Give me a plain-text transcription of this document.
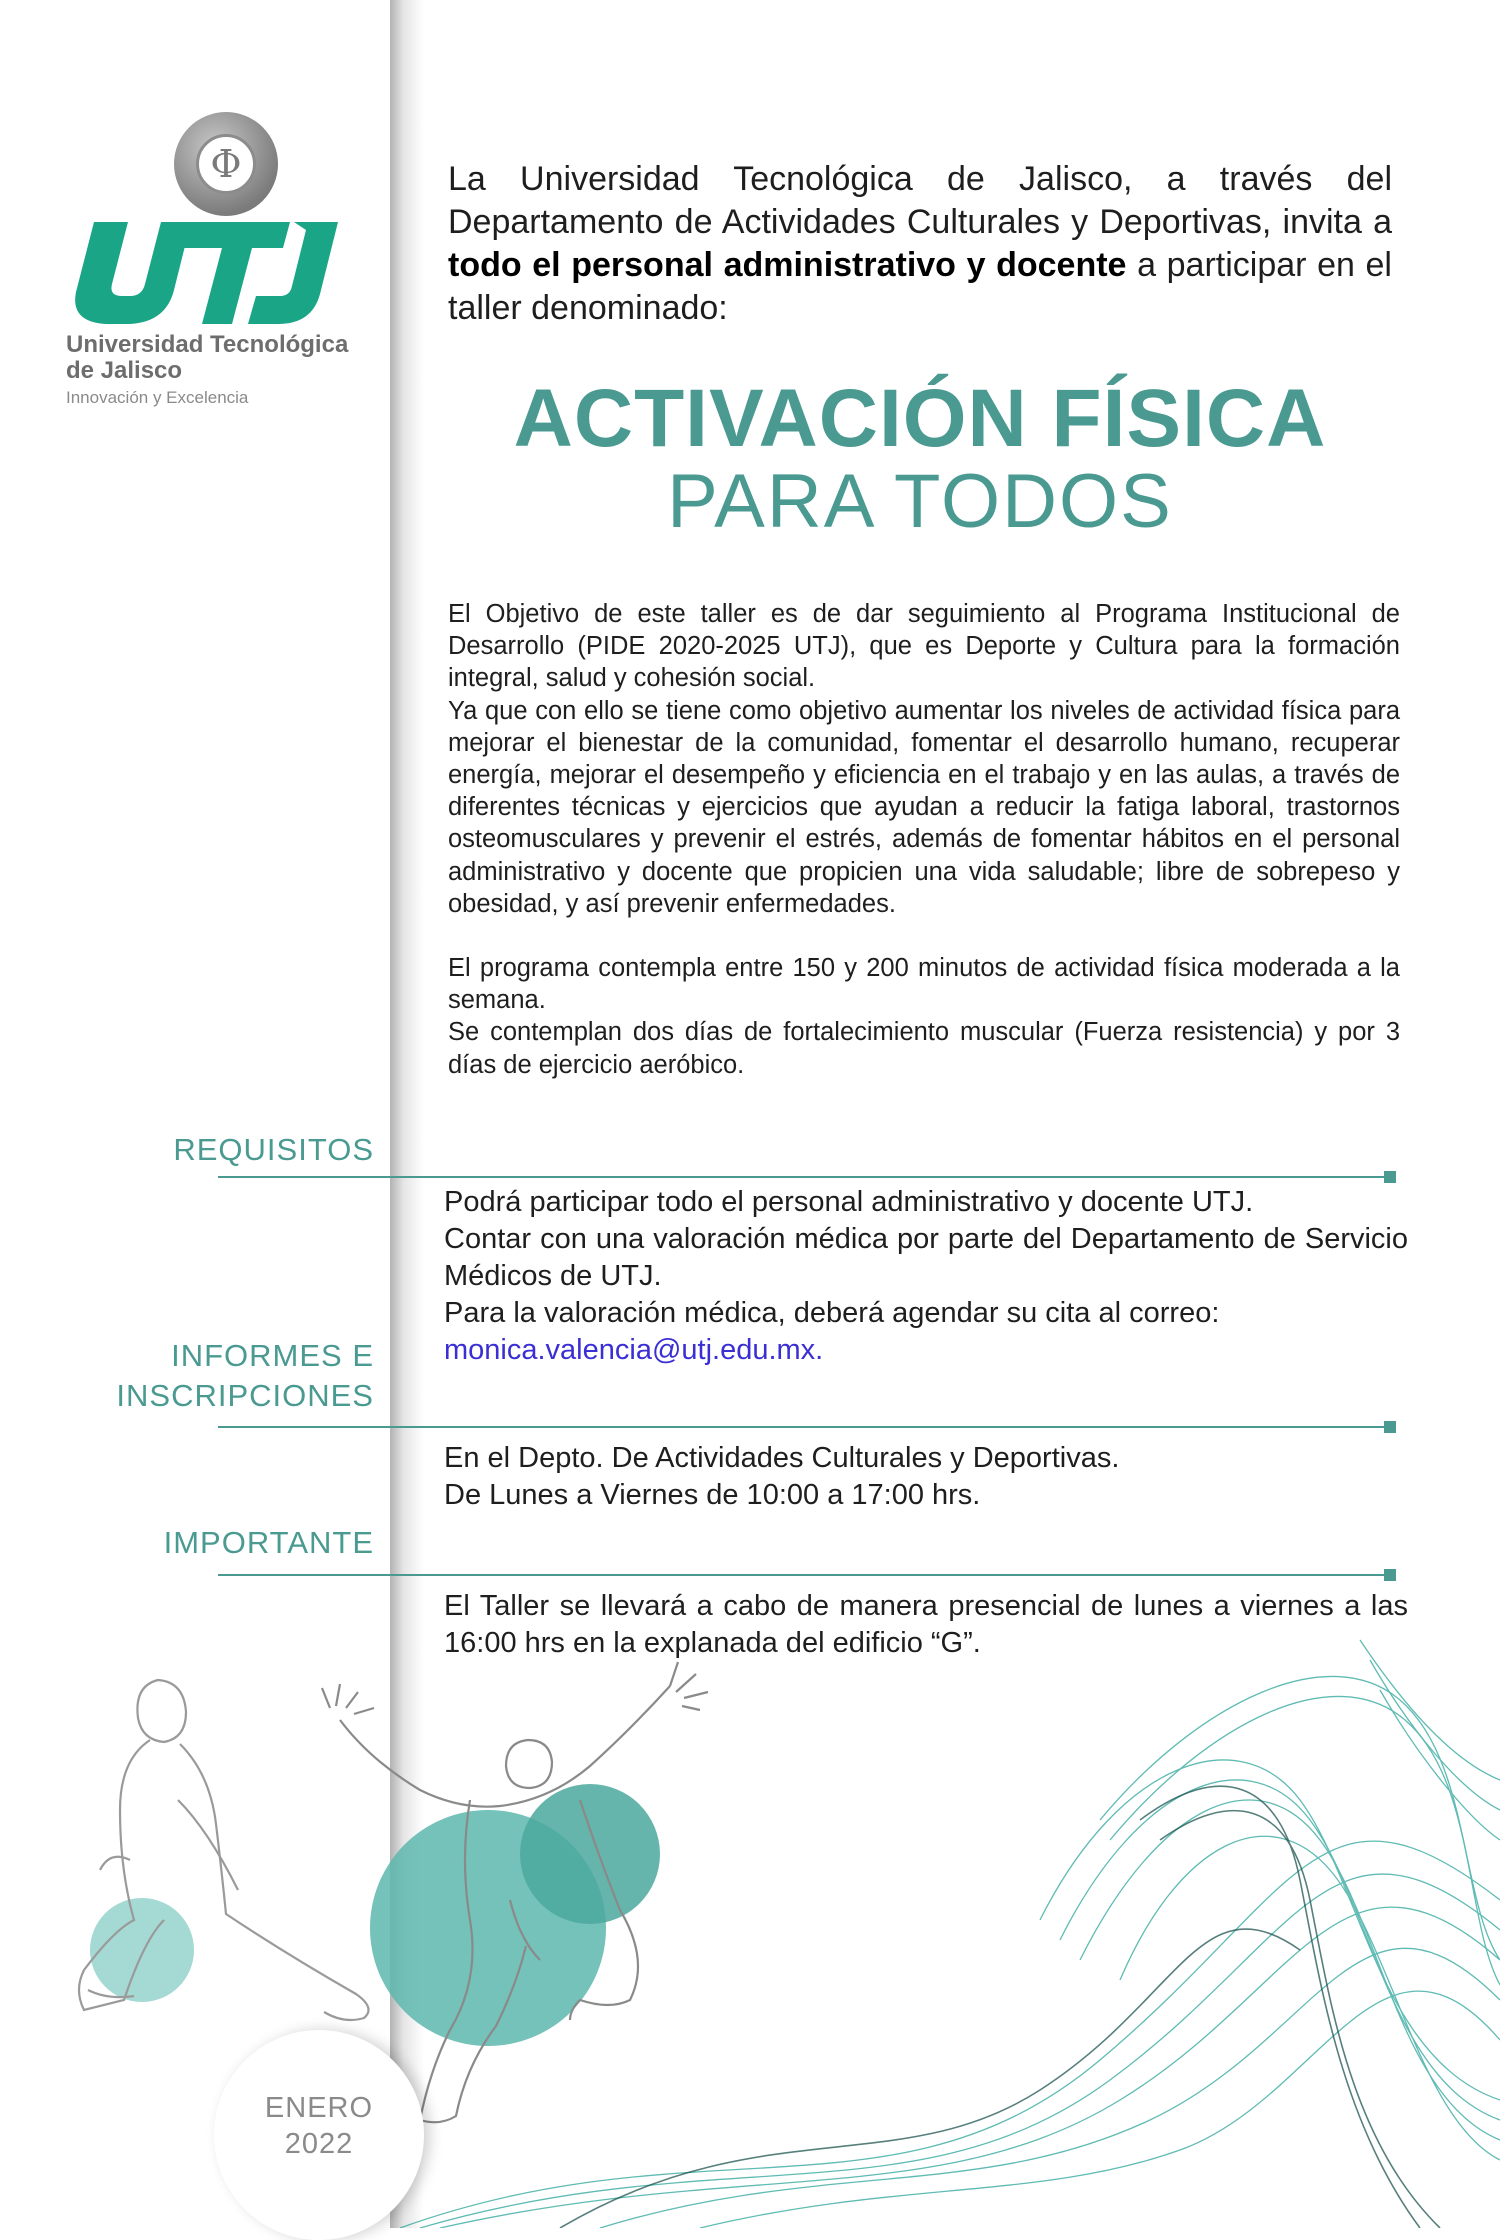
Φ
Universidad Tecnológica
de Jalisco
Innovación y Excelencia
La Universidad Tecnológica de Jalisco, a través del Departamento de Actividades Culturales y Deportivas, invita a todo el personal administrativo y docente a participar en el taller denominado:
ACTIVACIÓN FÍSICA
PARA TODOS

El Objetivo de este taller es de dar seguimiento al Programa Institucional de Desarrollo (PIDE 2020-2025 UTJ), que es Deporte y Cultura para la formación integral, salud y cohesión social.

Ya que con ello se tiene como objetivo aumentar los niveles de actividad física para mejorar el bienestar de la comunidad, fomentar el desarrollo humano, recuperar energía, mejorar el desempeño y eficiencia en el trabajo y en las aulas, a través de diferentes técnicas y ejercicios que ayudan a reducir la fatiga laboral, trastornos osteomusculares y prevenir el estrés, además de fomentar hábitos en el personal administrativo y docente que propicien una vida saludable; libre de sobrepeso y obesidad, y así prevenir enfermedades.

El programa contempla entre 150 y 200 minutos de actividad física moderada a la semana.

Se contemplan dos días de fortalecimiento muscular (Fuerza resistencia) y por 3 días de ejercicio aeróbico.

REQUISITOS

Podrá participar todo el personal administrativo y docente UTJ.

Contar con una valoración médica por parte del Departamento de Servicio Médicos de UTJ.

Para la valoración médica, deberá agendar su cita al correo:

monica.valencia@utj.edu.mx.

INFORMES E
INSCRIPCIONES

En el Depto. De Actividades Culturales y Deportivas.

De Lunes a Viernes de 10:00 a 17:00 hrs.

IMPORTANTE

El Taller se llevará a cabo de manera presencial de lunes a viernes a las 16:00 hrs en la explanada del edificio “G”.

ENERO
2022
